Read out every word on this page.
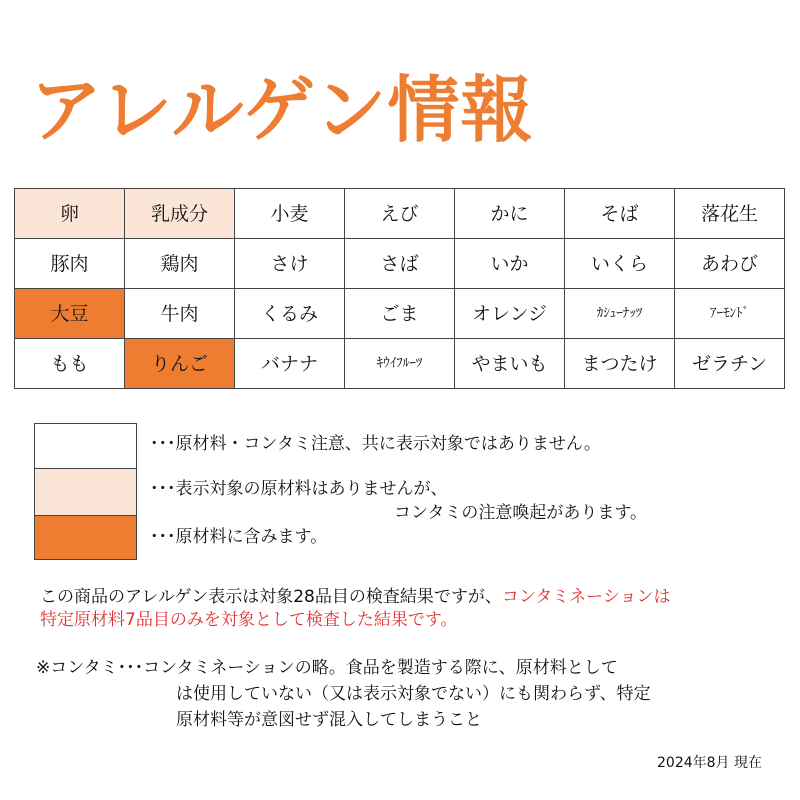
アレルゲン情報
卵	乳成分	小麦	えび	かに	そば	落花生
豚肉	鶏肉	さけ	さば	いか	いくら	あわび
大豆	牛肉	くるみ	ごま	オレンジ	ｶｼｭｰﾅｯﾂ	ｱｰﾓﾝﾄﾞ
もも	りんご	バナナ	ｷｳｲﾌﾙｰﾂ	やまいも	まつたけ	ゼラチン
･･･原材料・コンタミ注意、共に表示対象ではありません。
･･･表示対象の原材料はありませんが、
コンタミの注意喚起があります。
･･･原材料に含みます。
この商品のアレルゲン表示は対象28品目の検査結果ですが、コンタミネーションは
特定原材料7品目のみを対象として検査した結果です。
※コンタミ･･･コンタミネーションの略。食品を製造する際に、原材料として
は使用していない（又は表示対象でない）にも関わらず、特定
原材料等が意図せず混入してしまうこと
2024年8月 現在
